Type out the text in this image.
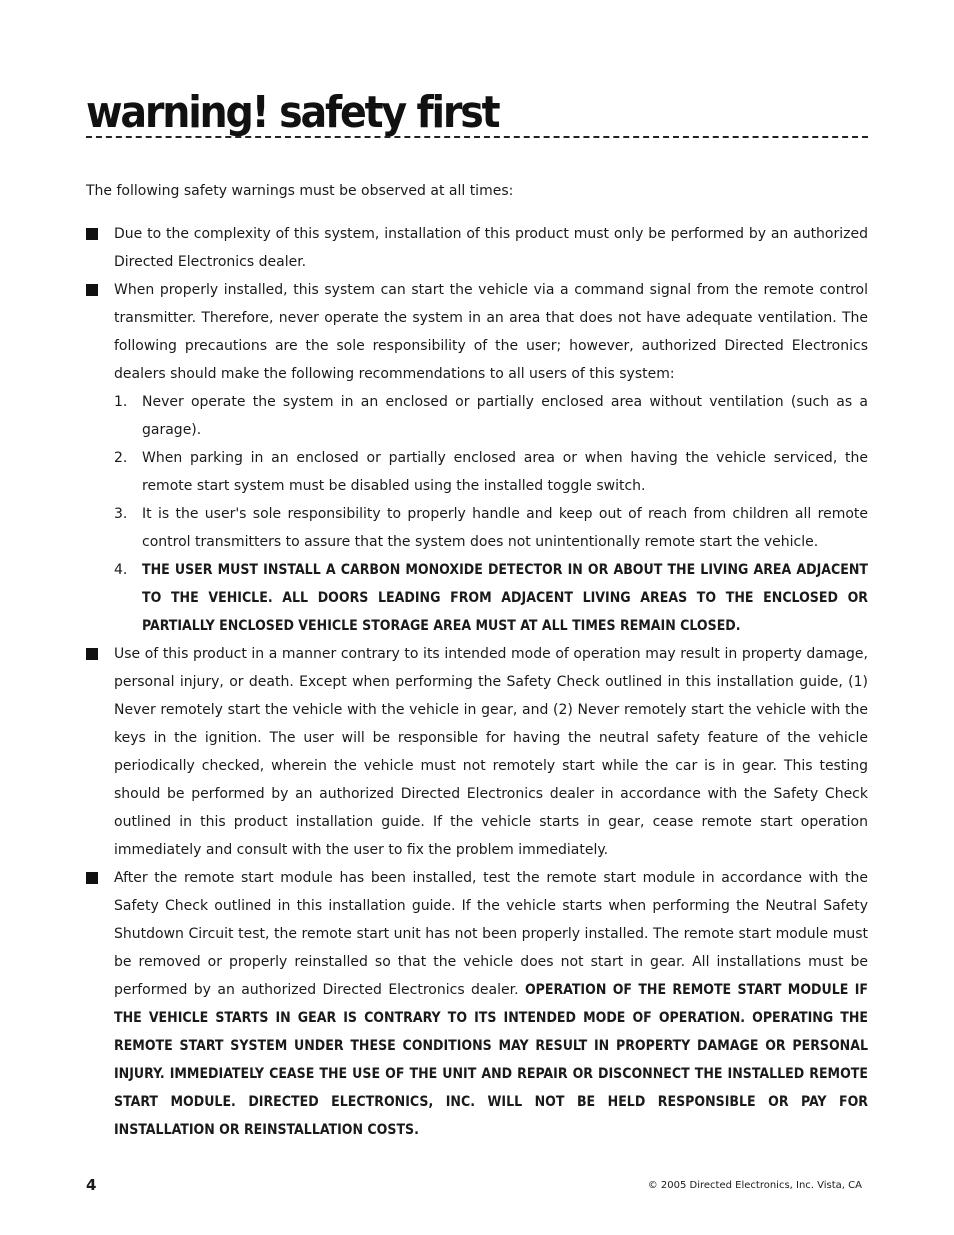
warning! safety first

The following safety warnings must be observed at all times:

Due to the complexity of this system, installation of this product must only be performed by an authorized Directed Electronics dealer.
When properly installed, this system can start the vehicle via a command signal from the remote control transmitter. Therefore, never operate the system in an area that does not have adequate ventilation. The following precautions are the sole responsibility of the user; however, authorized Directed Electronics dealers should make the following recommendations to all users of this system:
1. Never operate the system in an enclosed or partially enclosed area without ventilation (such as a garage).
2. When parking in an enclosed or partially enclosed area or when having the vehicle serviced, the remote start system must be disabled using the installed toggle switch.
3. It is the user's sole responsibility to properly handle and keep out of reach from children all remote control transmitters to assure that the system does not unintentionally remote start the vehicle.
4. THE USER MUST INSTALL A CARBON MONOXIDE DETECTOR IN OR ABOUT THE LIVING AREA ADJACENT TO THE VEHICLE. ALL DOORS LEADING FROM ADJACENT LIVING AREAS TO THE ENCLOSED OR PARTIALLY ENCLOSED VEHICLE STORAGE AREA MUST AT ALL TIMES REMAIN CLOSED.
Use of this product in a manner contrary to its intended mode of operation may result in property damage, personal injury, or death. Except when performing the Safety Check outlined in this installation guide, (1) Never remotely start the vehicle with the vehicle in gear, and (2) Never remotely start the vehicle with the keys in the ignition. The user will be responsible for having the neutral safety feature of the vehicle periodically checked, wherein the vehicle must not remotely start while the car is in gear. This testing should be performed by an authorized Directed Electronics dealer in accordance with the Safety Check outlined in this product installation guide. If the vehicle starts in gear, cease remote start operation immediately and consult with the user to fix the problem immediately.
After the remote start module has been installed, test the remote start module in accordance with the Safety Check outlined in this installation guide. If the vehicle starts when performing the Neutral Safety Shutdown Circuit test, the remote start unit has not been properly installed. The remote start module must be removed or properly reinstalled so that the vehicle does not start in gear. All installations must be performed by an authorized Directed Electronics dealer. OPERATION OF THE REMOTE START MODULE IF THE VEHICLE STARTS IN GEAR IS CONTRARY TO ITS INTENDED MODE OF OPERATION. OPERATING THE REMOTE START SYSTEM UNDER THESE CONDITIONS MAY RESULT IN PROPERTY DAMAGE OR PERSONAL INJURY. IMMEDIATELY CEASE THE USE OF THE UNIT AND REPAIR OR DISCONNECT THE INSTALLED REMOTE START MODULE. DIRECTED ELECTRONICS, INC. WILL NOT BE HELD RESPONSIBLE OR PAY FOR INSTALLATION OR REINSTALLATION COSTS.
4	© 2005 Directed Electronics, Inc. Vista, CA
